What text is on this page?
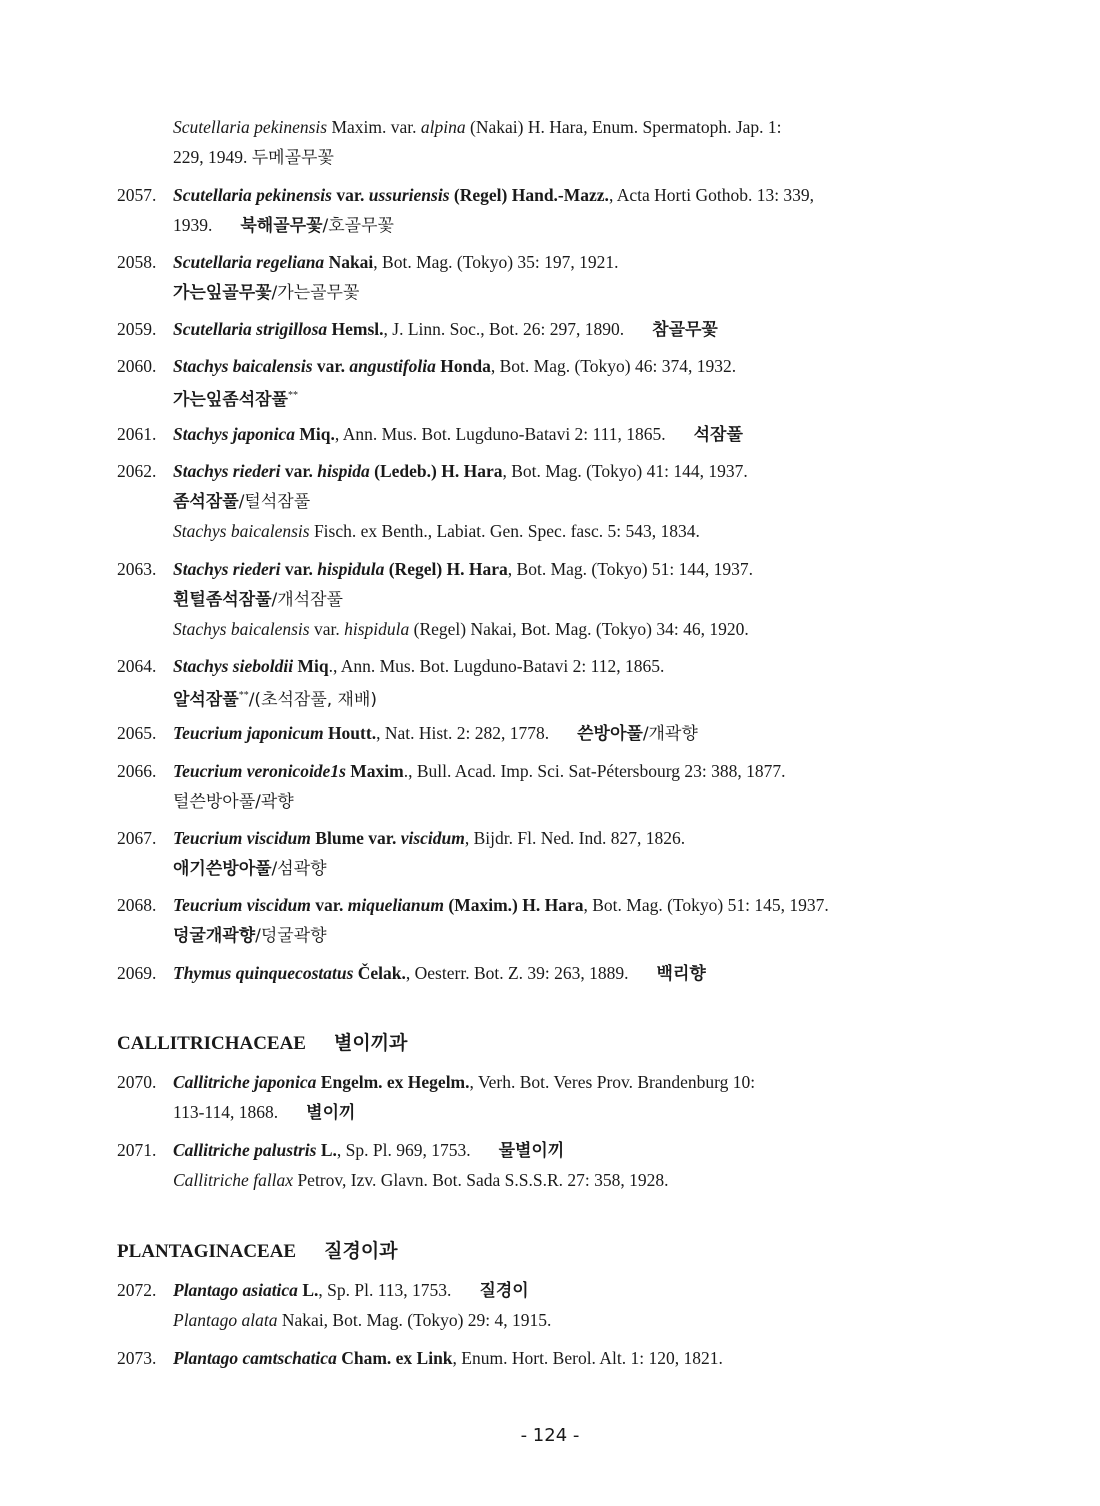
Scutellaria pekinensis Maxim. var. alpina (Nakai) H. Hara, Enum. Spermatoph. Jap. 1:
229, 1949. 두메골무꽃
2057. Scutellaria pekinensis var. ussuriensis (Regel) Hand.-Mazz., Acta Horti Gothob. 13: 339,
1939. 북해골무꽃/호골무꽃
2058. Scutellaria regeliana Nakai, Bot. Mag. (Tokyo) 35: 197, 1921.
가는잎골무꽃/가는골무꽃
2059. Scutellaria strigillosa Hemsl., J. Linn. Soc., Bot. 26: 297, 1890. 참골무꽃
2060. Stachys baicalensis var. angustifolia Honda, Bot. Mag. (Tokyo) 46: 374, 1932.
가는잎좀석잠풀**
2061. Stachys japonica Miq., Ann. Mus. Bot. Lugduno-Batavi 2: 111, 1865. 석잠풀
2062. Stachys riederi var. hispida (Ledeb.) H. Hara, Bot. Mag. (Tokyo) 41: 144, 1937.
좀석잠풀/털석잠풀
Stachys baicalensis Fisch. ex Benth., Labiat. Gen. Spec. fasc. 5: 543, 1834.
2063. Stachys riederi var. hispidula (Regel) H. Hara, Bot. Mag. (Tokyo) 51: 144, 1937.
흰털좀석잠풀/개석잠풀
Stachys baicalensis var. hispidula (Regel) Nakai, Bot. Mag. (Tokyo) 34: 46, 1920.
2064. Stachys sieboldii Miq., Ann. Mus. Bot. Lugduno-Batavi 2: 112, 1865.
알석잠풀**/(초석잠풀, 재배)
2065. Teucrium japonicum Houtt., Nat. Hist. 2: 282, 1778. 쓴방아풀/개곽향
2066. Teucrium veronicoide1s Maxim., Bull. Acad. Imp. Sci. Sat-Pétersbourg 23: 388, 1877.
털쓴방아풀/곽향
2067. Teucrium viscidum Blume var. viscidum, Bijdr. Fl. Ned. Ind. 827, 1826.
애기쓴방아풀/섬곽향
2068. Teucrium viscidum var. miquelianum (Maxim.) H. Hara, Bot. Mag. (Tokyo) 51: 145, 1937.
덩굴개곽향/덩굴곽향
2069. Thymus quinquecostatus Čelak., Oesterr. Bot. Z. 39: 263, 1889. 백리향
CALLITRICHACEAE 별이끼과
2070. Callitriche japonica Engelm. ex Hegelm., Verh. Bot. Veres Prov. Brandenburg 10:
113-114, 1868. 별이끼
2071. Callitriche palustris L., Sp. Pl. 969, 1753. 물별이끼
Callitriche fallax Petrov, Izv. Glavn. Bot. Sada S.S.S.R. 27: 358, 1928.
PLANTAGINACEAE 질경이과
2072. Plantago asiatica L., Sp. Pl. 113, 1753. 질경이
Plantago alata Nakai, Bot. Mag. (Tokyo) 29: 4, 1915.
2073. Plantago camtschatica Cham. ex Link, Enum. Hort. Berol. Alt. 1: 120, 1821.
- 124 -
